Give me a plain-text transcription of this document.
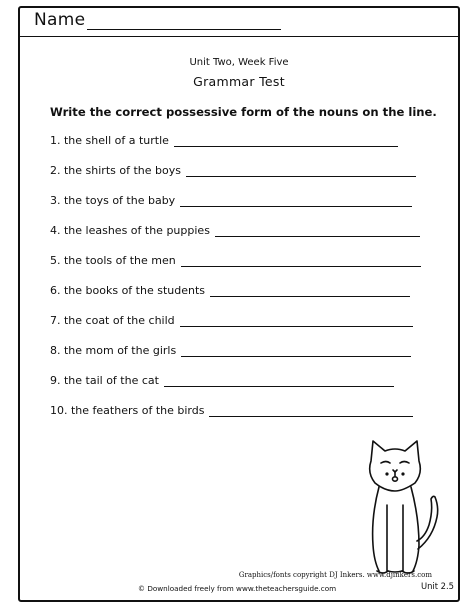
Name
Unit Two, Week Five
Grammar Test
Write the correct possessive form of the nouns on the line.
1. the shell of a turtle
2. the shirts of the boys
3. the toys of the baby
4. the leashes of the puppies
5. the tools of the men
6. the books of the students
7. the coat of the child
8. the mom of the girls
9. the tail of the cat
10. the feathers of the birds
Graphics/fonts copyright DJ Inkers. www.djinkers.com
Unit 2.5
© Downloaded freely from www.theteachersguide.com
